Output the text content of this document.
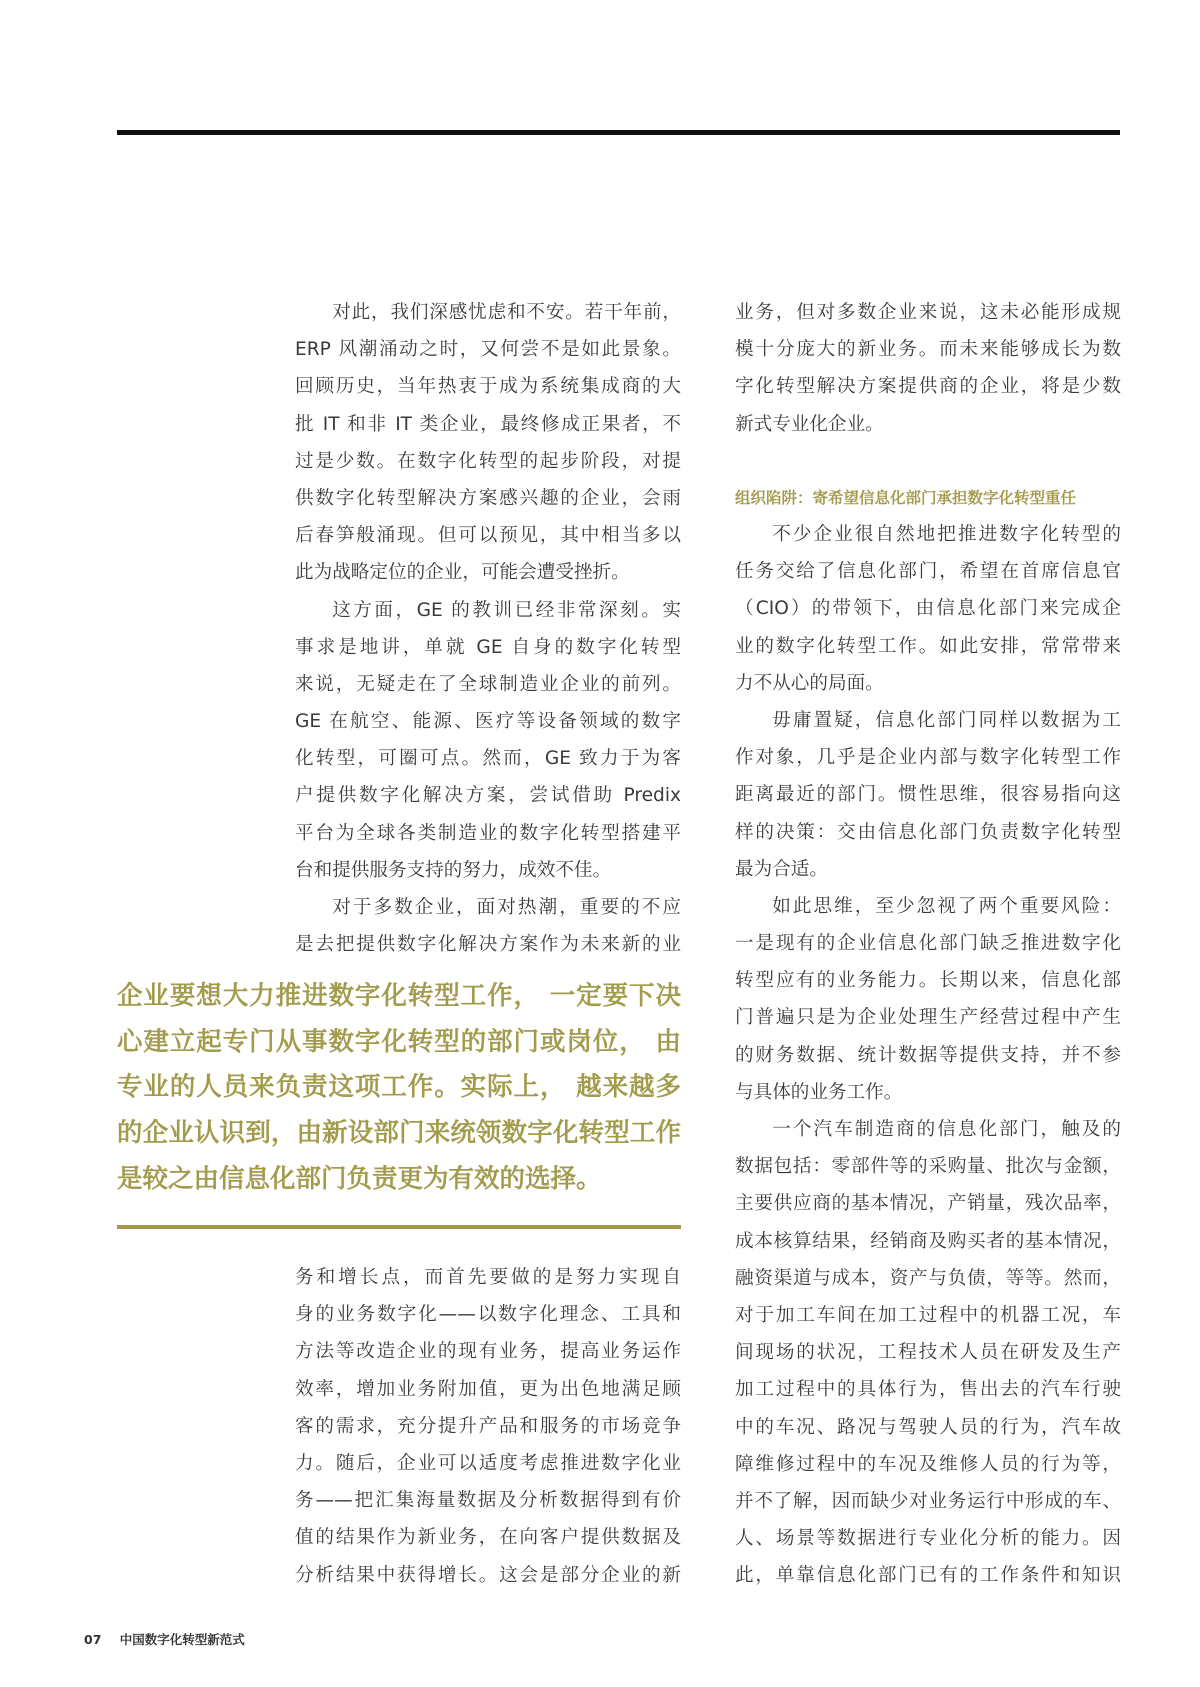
对此，我们深感忧虑和不安。若干年前，
ERP 风潮涌动之时，又何尝不是如此景象。
回顾历史，当年热衷于成为系统集成商的大
批 IT 和非 IT 类企业，最终修成正果者，不
过是少数。在数字化转型的起步阶段，对提
供数字化转型解决方案感兴趣的企业，会雨
后春笋般涌现。但可以预见，其中相当多以
此为战略定位的企业，可能会遭受挫折。
这方面，GE 的教训已经非常深刻。实
事求是地讲，单就 GE 自身的数字化转型
来说，无疑走在了全球制造业企业的前列。
GE 在航空、能源、医疗等设备领域的数字
化转型，可圈可点。然而，GE 致力于为客
户提供数字化解决方案，尝试借助 Predix
平台为全球各类制造业的数字化转型搭建平
台和提供服务支持的努力，成效不佳。
对于多数企业，面对热潮，重要的不应
是去把提供数字化解决方案作为未来新的业
企业要想大力推进数字化转型工作， 一定要下决
心建立起专门从事数字化转型的部门或岗位， 由
专业的人员来负责这项工作。实际上， 越来越多
的企业认识到，由新设部门来统领数字化转型工作
是较之由信息化部门负责更为有效的选择。
务和增长点，而首先要做的是努力实现自
身的业务数字化——以数字化理念、工具和
方法等改造企业的现有业务，提高业务运作
效率，增加业务附加值，更为出色地满足顾
客的需求，充分提升产品和服务的市场竞争
力。随后，企业可以适度考虑推进数字化业
务——把汇集海量数据及分析数据得到有价
值的结果作为新业务，在向客户提供数据及
分析结果中获得增长。这会是部分企业的新
业务，但对多数企业来说，这未必能形成规
模十分庞大的新业务。而未来能够成长为数
字化转型解决方案提供商的企业，将是少数
新式专业化企业。
组织陷阱：寄希望信息化部门承担数字化转型重任
不少企业很自然地把推进数字化转型的
任务交给了信息化部门，希望在首席信息官
（CIO）的带领下，由信息化部门来完成企
业的数字化转型工作。如此安排，常常带来
力不从心的局面。
毋庸置疑，信息化部门同样以数据为工
作对象，几乎是企业内部与数字化转型工作
距离最近的部门。惯性思维，很容易指向这
样的决策：交由信息化部门负责数字化转型
最为合适。
如此思维，至少忽视了两个重要风险：
一是现有的企业信息化部门缺乏推进数字化
转型应有的业务能力。长期以来，信息化部
门普遍只是为企业处理生产经营过程中产生
的财务数据、统计数据等提供支持，并不参
与具体的业务工作。
一个汽车制造商的信息化部门，触及的
数据包括：零部件等的采购量、批次与金额，
主要供应商的基本情况，产销量，残次品率，
成本核算结果，经销商及购买者的基本情况，
融资渠道与成本，资产与负债，等等。然而，
对于加工车间在加工过程中的机器工况，车
间现场的状况，工程技术人员在研发及生产
加工过程中的具体行为，售出去的汽车行驶
中的车况、路况与驾驶人员的行为，汽车故
障维修过程中的车况及维修人员的行为等，
并不了解，因而缺少对业务运行中形成的车、
人、场景等数据进行专业化分析的能力。因
此，单靠信息化部门已有的工作条件和知识
07 中国数字化转型新范式
